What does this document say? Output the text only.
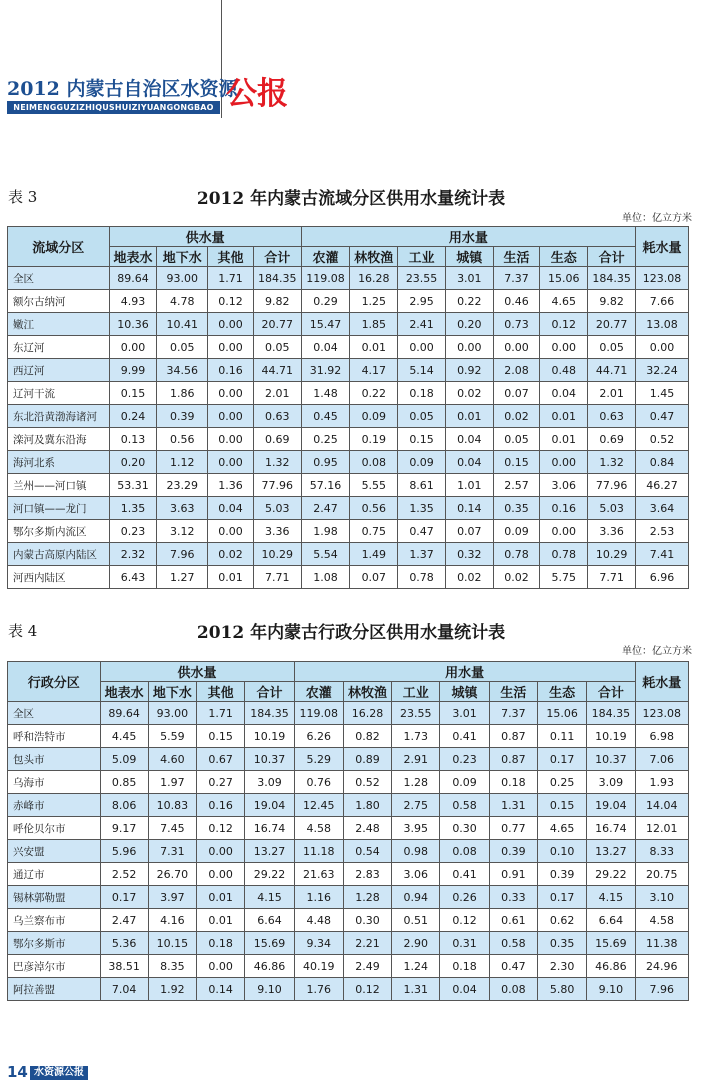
2012 内蒙古自治区水资源
NEIMENGGUZIZHIQUSHUIZIYUANGONGBAO 公报
表 3	2012 年内蒙古流域分区供用水量统计表
单位：亿立方米
流域分区	供水量				用水量							耗水量
	地表水	地下水	其他	合计	农灌	林牧渔	工业	城镇	生活	生态	合计	
全区	89.64	93.00	1.71	184.35	119.08	16.28	23.55	3.01	7.37	15.06	184.35	123.08
额尔古纳河	4.93	4.78	0.12	9.82	0.29	1.25	2.95	0.22	0.46	4.65	9.82	7.66
嫩江	10.36	10.41	0.00	20.77	15.47	1.85	2.41	0.20	0.73	0.12	20.77	13.08
东辽河	0.00	0.05	0.00	0.05	0.04	0.01	0.00	0.00	0.00	0.00	0.05	0.00
西辽河	9.99	34.56	0.16	44.71	31.92	4.17	5.14	0.92	2.08	0.48	44.71	32.24
辽河干流	0.15	1.86	0.00	2.01	1.48	0.22	0.18	0.02	0.07	0.04	2.01	1.45
东北沿黄渤海诸河	0.24	0.39	0.00	0.63	0.45	0.09	0.05	0.01	0.02	0.01	0.63	0.47
滦河及冀东沿海	0.13	0.56	0.00	0.69	0.25	0.19	0.15	0.04	0.05	0.01	0.69	0.52
海河北系	0.20	1.12	0.00	1.32	0.95	0.08	0.09	0.04	0.15	0.00	1.32	0.84
兰州——河口镇	53.31	23.29	1.36	77.96	57.16	5.55	8.61	1.01	2.57	3.06	77.96	46.27
河口镇——龙门	1.35	3.63	0.04	5.03	2.47	0.56	1.35	0.14	0.35	0.16	5.03	3.64
鄂尔多斯内流区	0.23	3.12	0.00	3.36	1.98	0.75	0.47	0.07	0.09	0.00	3.36	2.53
内蒙古高原内陆区	2.32	7.96	0.02	10.29	5.54	1.49	1.37	0.32	0.78	0.78	10.29	7.41
河西内陆区	6.43	1.27	0.01	7.71	1.08	0.07	0.78	0.02	0.02	5.75	7.71	6.96
表 4	2012 年内蒙古行政分区供用水量统计表
单位：亿立方米
行政分区	供水量				用水量							耗水量
	地表水	地下水	其他	合计	农灌	林牧渔	工业	城镇	生活	生态	合计	
全区	89.64	93.00	1.71	184.35	119.08	16.28	23.55	3.01	7.37	15.06	184.35	123.08
呼和浩特市	4.45	5.59	0.15	10.19	6.26	0.82	1.73	0.41	0.87	0.11	10.19	6.98
包头市	5.09	4.60	0.67	10.37	5.29	0.89	2.91	0.23	0.87	0.17	10.37	7.06
乌海市	0.85	1.97	0.27	3.09	0.76	0.52	1.28	0.09	0.18	0.25	3.09	1.93
赤峰市	8.06	10.83	0.16	19.04	12.45	1.80	2.75	0.58	1.31	0.15	19.04	14.04
呼伦贝尔市	9.17	7.45	0.12	16.74	4.58	2.48	3.95	0.30	0.77	4.65	16.74	12.01
兴安盟	5.96	7.31	0.00	13.27	11.18	0.54	0.98	0.08	0.39	0.10	13.27	8.33
通辽市	2.52	26.70	0.00	29.22	21.63	2.83	3.06	0.41	0.91	0.39	29.22	20.75
锡林郭勒盟	0.17	3.97	0.01	4.15	1.16	1.28	0.94	0.26	0.33	0.17	4.15	3.10
乌兰察布市	2.47	4.16	0.01	6.64	4.48	0.30	0.51	0.12	0.61	0.62	6.64	4.58
鄂尔多斯市	5.36	10.15	0.18	15.69	9.34	2.21	2.90	0.31	0.58	0.35	15.69	11.38
巴彦淖尔市	38.51	8.35	0.00	46.86	40.19	2.49	1.24	0.18	0.47	2.30	46.86	24.96
阿拉善盟	7.04	1.92	0.14	9.10	1.76	0.12	1.31	0.04	0.08	5.80	9.10	7.96
14 水资源公报
